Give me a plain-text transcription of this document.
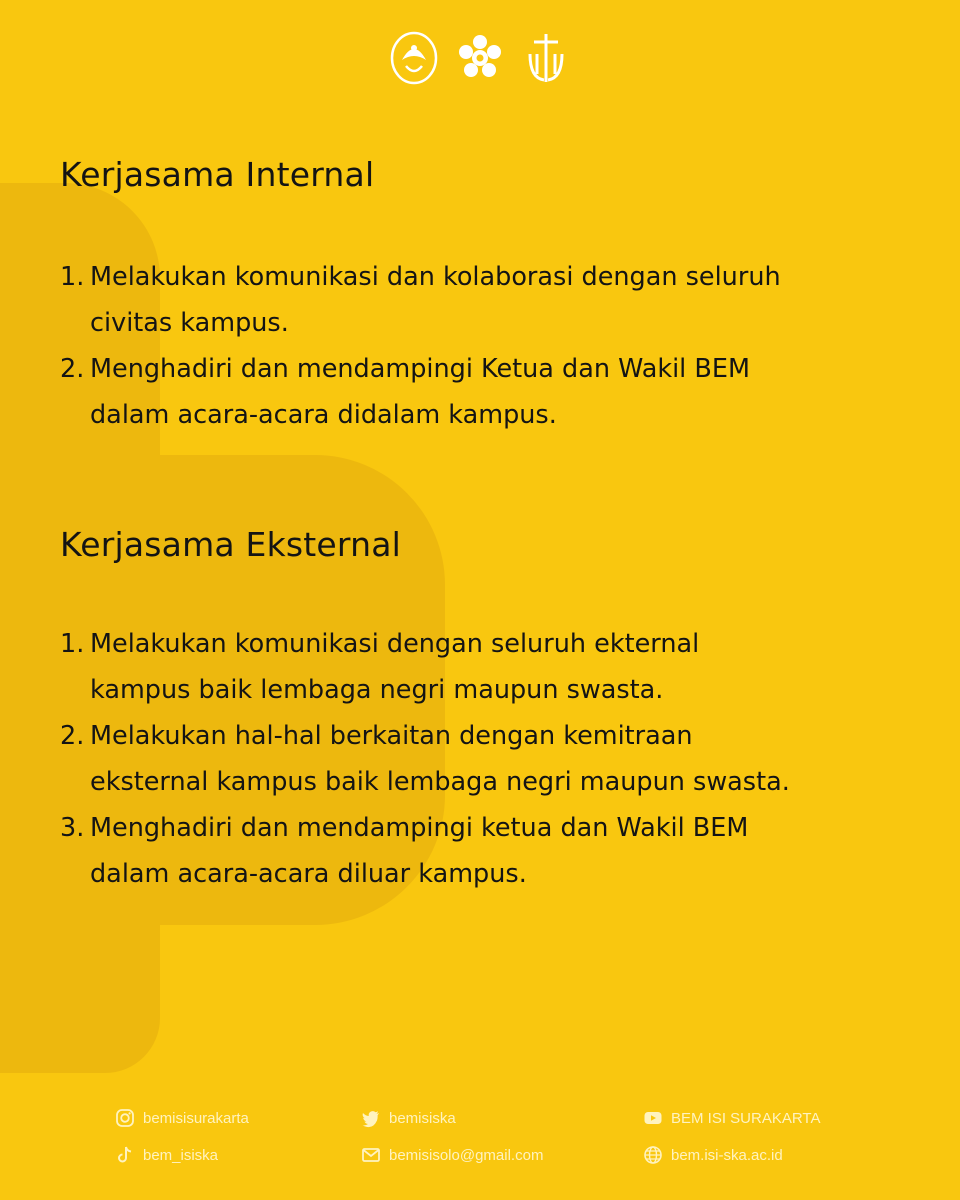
Kerjasama Internal
1. Melakukan komunikasi dan kolaborasi dengan seluruh
civitas kampus.
2. Menghadiri dan mendampingi Ketua dan Wakil BEM
dalam acara-acara didalam kampus.
Kerjasama Eksternal
1. Melakukan komunikasi dengan seluruh ekternal
kampus baik lembaga negri maupun swasta.
2. Melakukan hal-hal berkaitan dengan kemitraan
eksternal kampus baik lembaga negri maupun swasta.
3. Menghadiri dan mendampingi ketua dan Wakil BEM
dalam acara-acara diluar kampus.
bemisisurakarta
bem_isiska
bemisiska
bemisisolo@gmail.com
BEM ISI SURAKARTA
bem.isi-ska.ac.id
